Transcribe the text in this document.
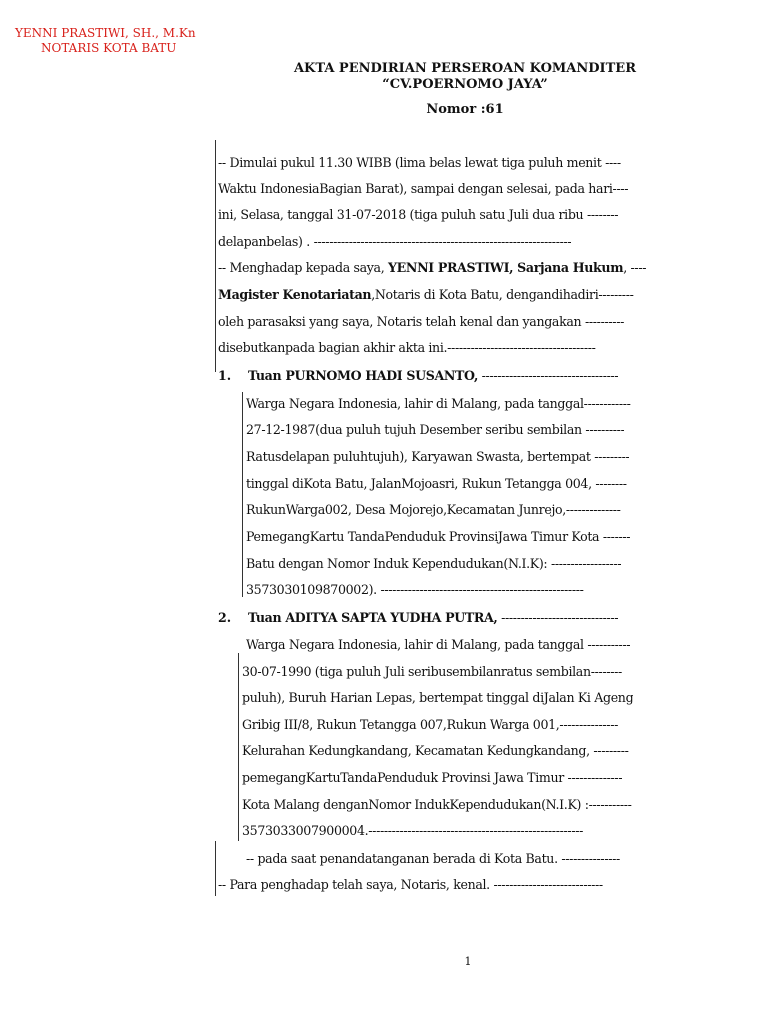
YENNI PRASTIWI, SH., M.Kn
NOTARIS KOTA BATU
AKTA PENDIRIAN PERSEROAN KOMANDITER
“CV.POERNOMO JAYA”
Nomor :61
-- Dimulai pukul 11.30 WIBB (lima belas lewat tiga puluh menit ----
Waktu IndonesiaBagian Barat), sampai dengan selesai, pada hari----
ini, Selasa, tanggal 31-07-2018 (tiga puluh satu Juli dua ribu --------
delapanbelas) . ------------------------------------------------------------------
-- Menghadap kepada saya, YENNI PRASTIWI, Sarjana Hukum, ----
Magister Kenotariatan,Notaris di Kota Batu, dengandihadiri---------
oleh parasaksi yang saya, Notaris telah kenal dan yangakan ----------
disebutkanpada bagian akhir akta ini.--------------------------------------
1. Tuan PURNOMO HADI SUSANTO, -----------------------------------
Warga Negara Indonesia, lahir di Malang, pada tanggal------------
27-12-1987(dua puluh tujuh Desember seribu sembilan ----------
Ratusdelapan puluhtujuh), Karyawan Swasta, bertempat ---------
tinggal diKota Batu, JalanMojoasri, Rukun Tetangga 004, --------
RukunWarga002, Desa Mojorejo,Kecamatan Junrejo,--------------
PemegangKartu TandaPenduduk ProvinsiJawa Timur Kota -------
Batu dengan Nomor Induk Kependudukan(N.I.K): ------------------
3573030109870002). ----------------------------------------------------
2. Tuan ADITYA SAPTA YUDHA PUTRA, ------------------------------
Warga Negara Indonesia, lahir di Malang, pada tanggal -----------
30-07-1990 (tiga puluh Juli seribusembilanratus sembilan--------
puluh), Buruh Harian Lepas, bertempat tinggal diJalan Ki Ageng
Gribig III/8, Rukun Tetangga 007,Rukun Warga 001,---------------
Kelurahan Kedungkandang, Kecamatan Kedungkandang, ---------
pemegangKartuTandaPenduduk Provinsi Jawa Timur --------------
Kota Malang denganNomor IndukKependudukan(N.I.K) :-----------
3573033007900004.-------------------------------------------------------
-- pada saat penandatanganan berada di Kota Batu. ---------------
-- Para penghadap telah saya, Notaris, kenal. ----------------------------
1
